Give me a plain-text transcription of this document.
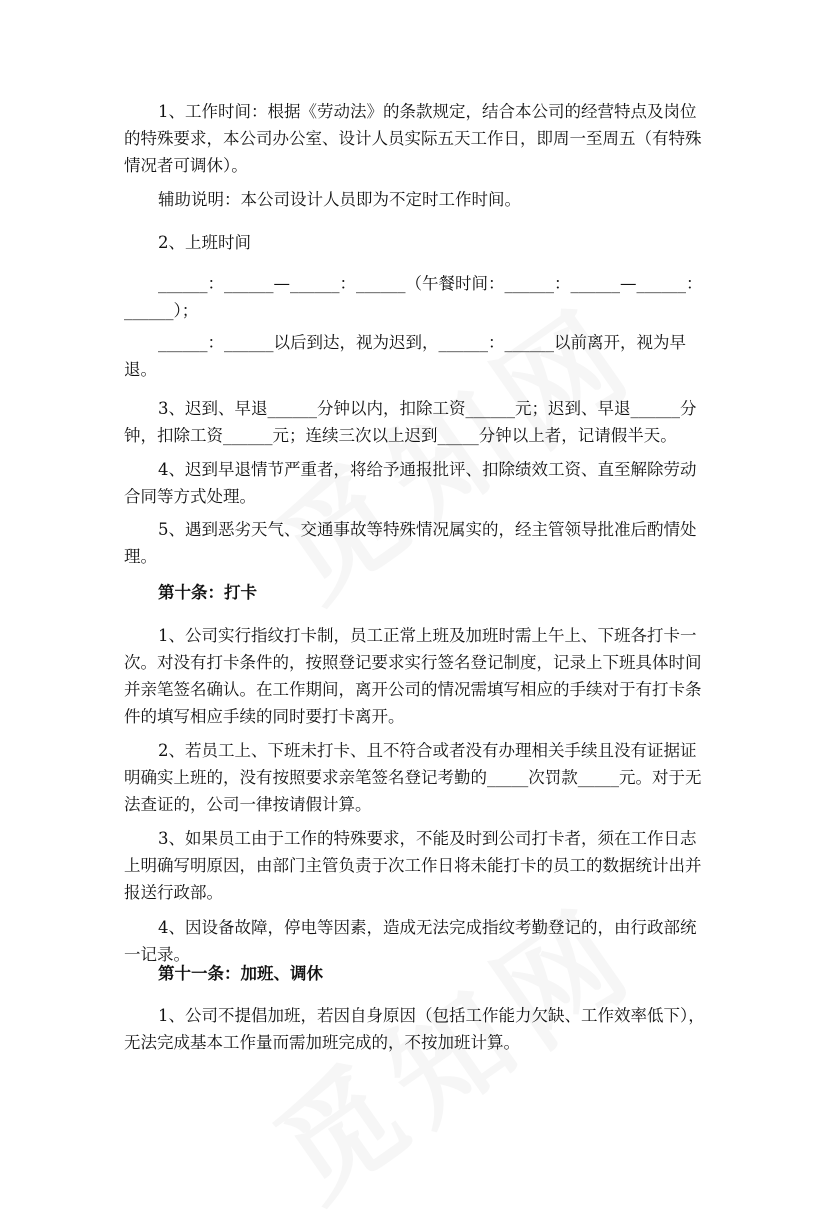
1、工作时间：根据《劳动法》的条款规定，结合本公司的经营特点及岗位的特殊要求，本公司办公室、设计人员实际五天工作日，即周一至周五（有特殊情况者可调休）。

辅助说明：本公司设计人员即为不定时工作时间。

2、上班时间

______：______—______：______（午餐时间：______：______—______：______）；

______：______以后到达，视为迟到，______：______以前离开，视为早退。

3、迟到、早退______分钟以内，扣除工资______元；迟到、早退______分钟，扣除工资______元；连续三次以上迟到_____分钟以上者，记请假半天。

4、迟到早退情节严重者，将给予通报批评、扣除绩效工资、直至解除劳动合同等方式处理。

5、遇到恶劣天气、交通事故等特殊情况属实的，经主管领导批准后酌情处理。

第十条：打卡

1、公司实行指纹打卡制，员工正常上班及加班时需上午上、下班各打卡一次。对没有打卡条件的，按照登记要求实行签名登记制度，记录上下班具体时间并亲笔签名确认。在工作期间，离开公司的情况需填写相应的手续对于有打卡条件的填写相应手续的同时要打卡离开。

2、若员工上、下班未打卡、且不符合或者没有办理相关手续且没有证据证明确实上班的，没有按照要求亲笔签名登记考勤的_____次罚款_____元。对于无法查证的，公司一律按请假计算。

3、如果员工由于工作的特殊要求，不能及时到公司打卡者，须在工作日志上明确写明原因，由部门主管负责于次工作日将未能打卡的员工的数据统计出并报送行政部。

4、因设备故障，停电等因素，造成无法完成指纹考勤登记的，由行政部统一记录。

第十一条：加班、调休

1、公司不提倡加班，若因自身原因（包括工作能力欠缺、工作效率低下），无法完成基本工作量而需加班完成的，不按加班计算。
